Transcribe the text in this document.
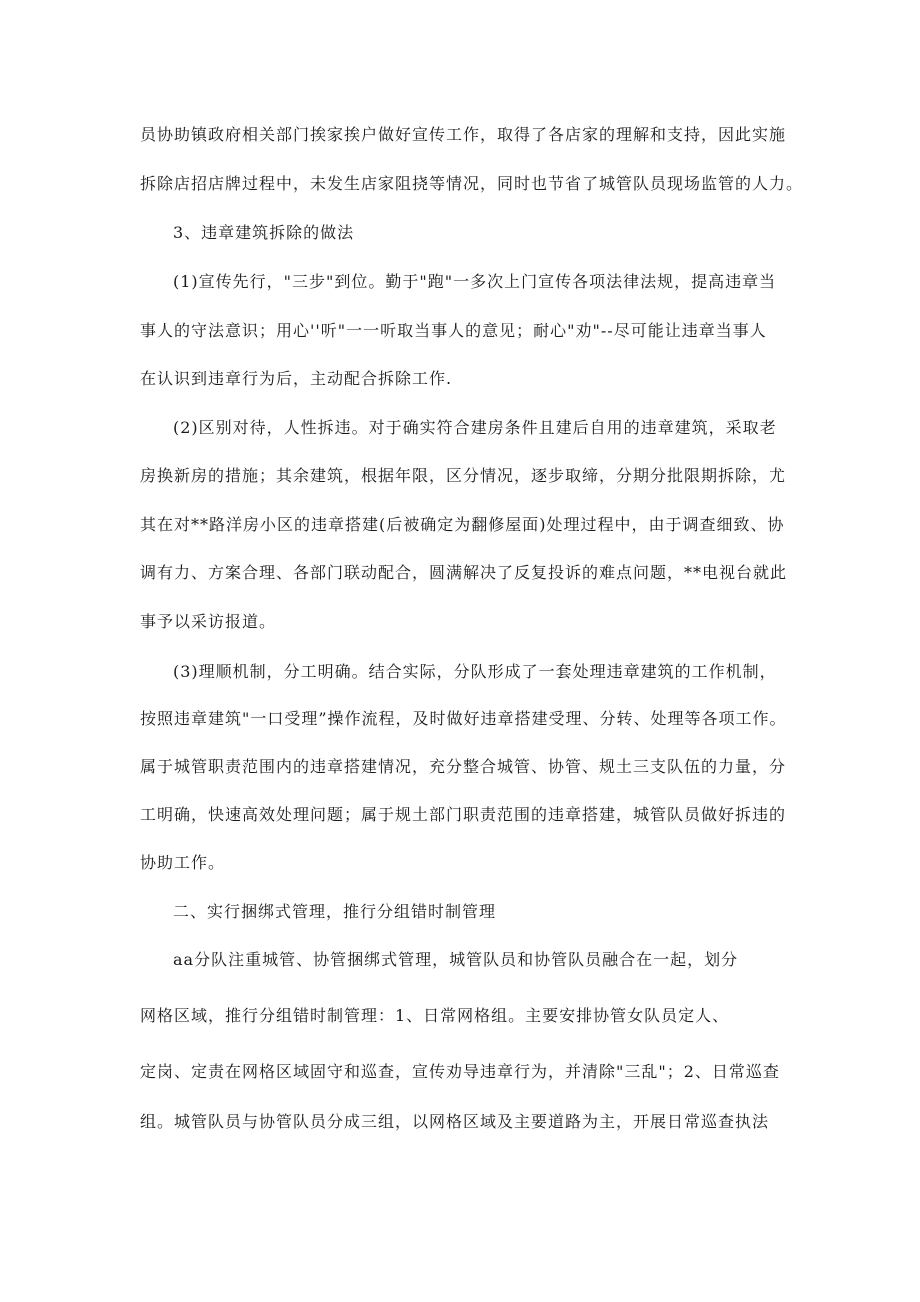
员协助镇政府相关部门挨家挨户做好宣传工作，取得了各店家的理解和支持，因此实施
拆除店招店牌过程中，未发生店家阻挠等情况，同时也节省了城管队员现场监管的人力。
3、违章建筑拆除的做法
(1)宣传先行，"三步"到位。勤于"跑"一多次上门宣传各项法律法规，提高违章当
事人的守法意识；用心''听"一一听取当事人的意见；耐心"劝"--尽可能让违章当事人
在认识到违章行为后，主动配合拆除工作.
(2)区别对待，人性拆违。对于确实符合建房条件且建后自用的违章建筑，采取老
房换新房的措施；其余建筑，根据年限，区分情况，逐步取缔，分期分批限期拆除，尤
其在对**路洋房小区的违章搭建(后被确定为翻修屋面)处理过程中，由于调查细致、协
调有力、方案合理、各部门联动配合，圆满解决了反复投诉的难点问题，**电视台就此
事予以采访报道。
(3)理顺机制，分工明确。结合实际，分队形成了一套处理违章建筑的工作机制，
按照违章建筑"一口受理”操作流程，及时做好违章搭建受理、分转、处理等各项工作。
属于城管职责范围内的违章搭建情况，充分整合城管、协管、规土三支队伍的力量，分
工明确，快速高效处理问题；属于规土部门职责范围的违章搭建，城管队员做好拆违的
协助工作。
二、实行捆绑式管理，推行分组错时制管理
aa分队注重城管、协管捆绑式管理，城管队员和协管队员融合在一起，划分
网格区域，推行分组错时制管理：1、日常网格组。主要安排协管女队员定人、
定岗、定责在网格区域固守和巡查，宣传劝导违章行为，并清除"三乱"；2、日常巡查
组。城管队员与协管队员分成三组，以网格区域及主要道路为主，开展日常巡查执法
